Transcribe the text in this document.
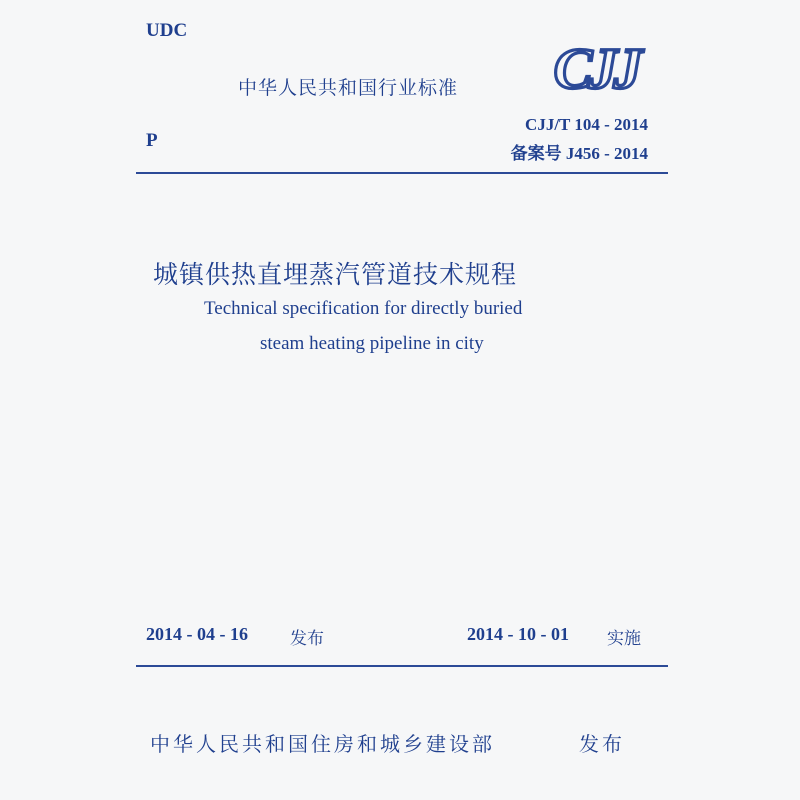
UDC
中华人民共和国行业标准 CJJ
P
CJJ/T 104 - 2014
备案号 J456 - 2014
城镇供热直埋蒸汽管道技术规程
Technical specification for directly buried
steam heating pipeline in city
2014 - 04 - 16 发布	2014 - 10 - 01 实施
中华人民共和国住房和城乡建设部	发布
